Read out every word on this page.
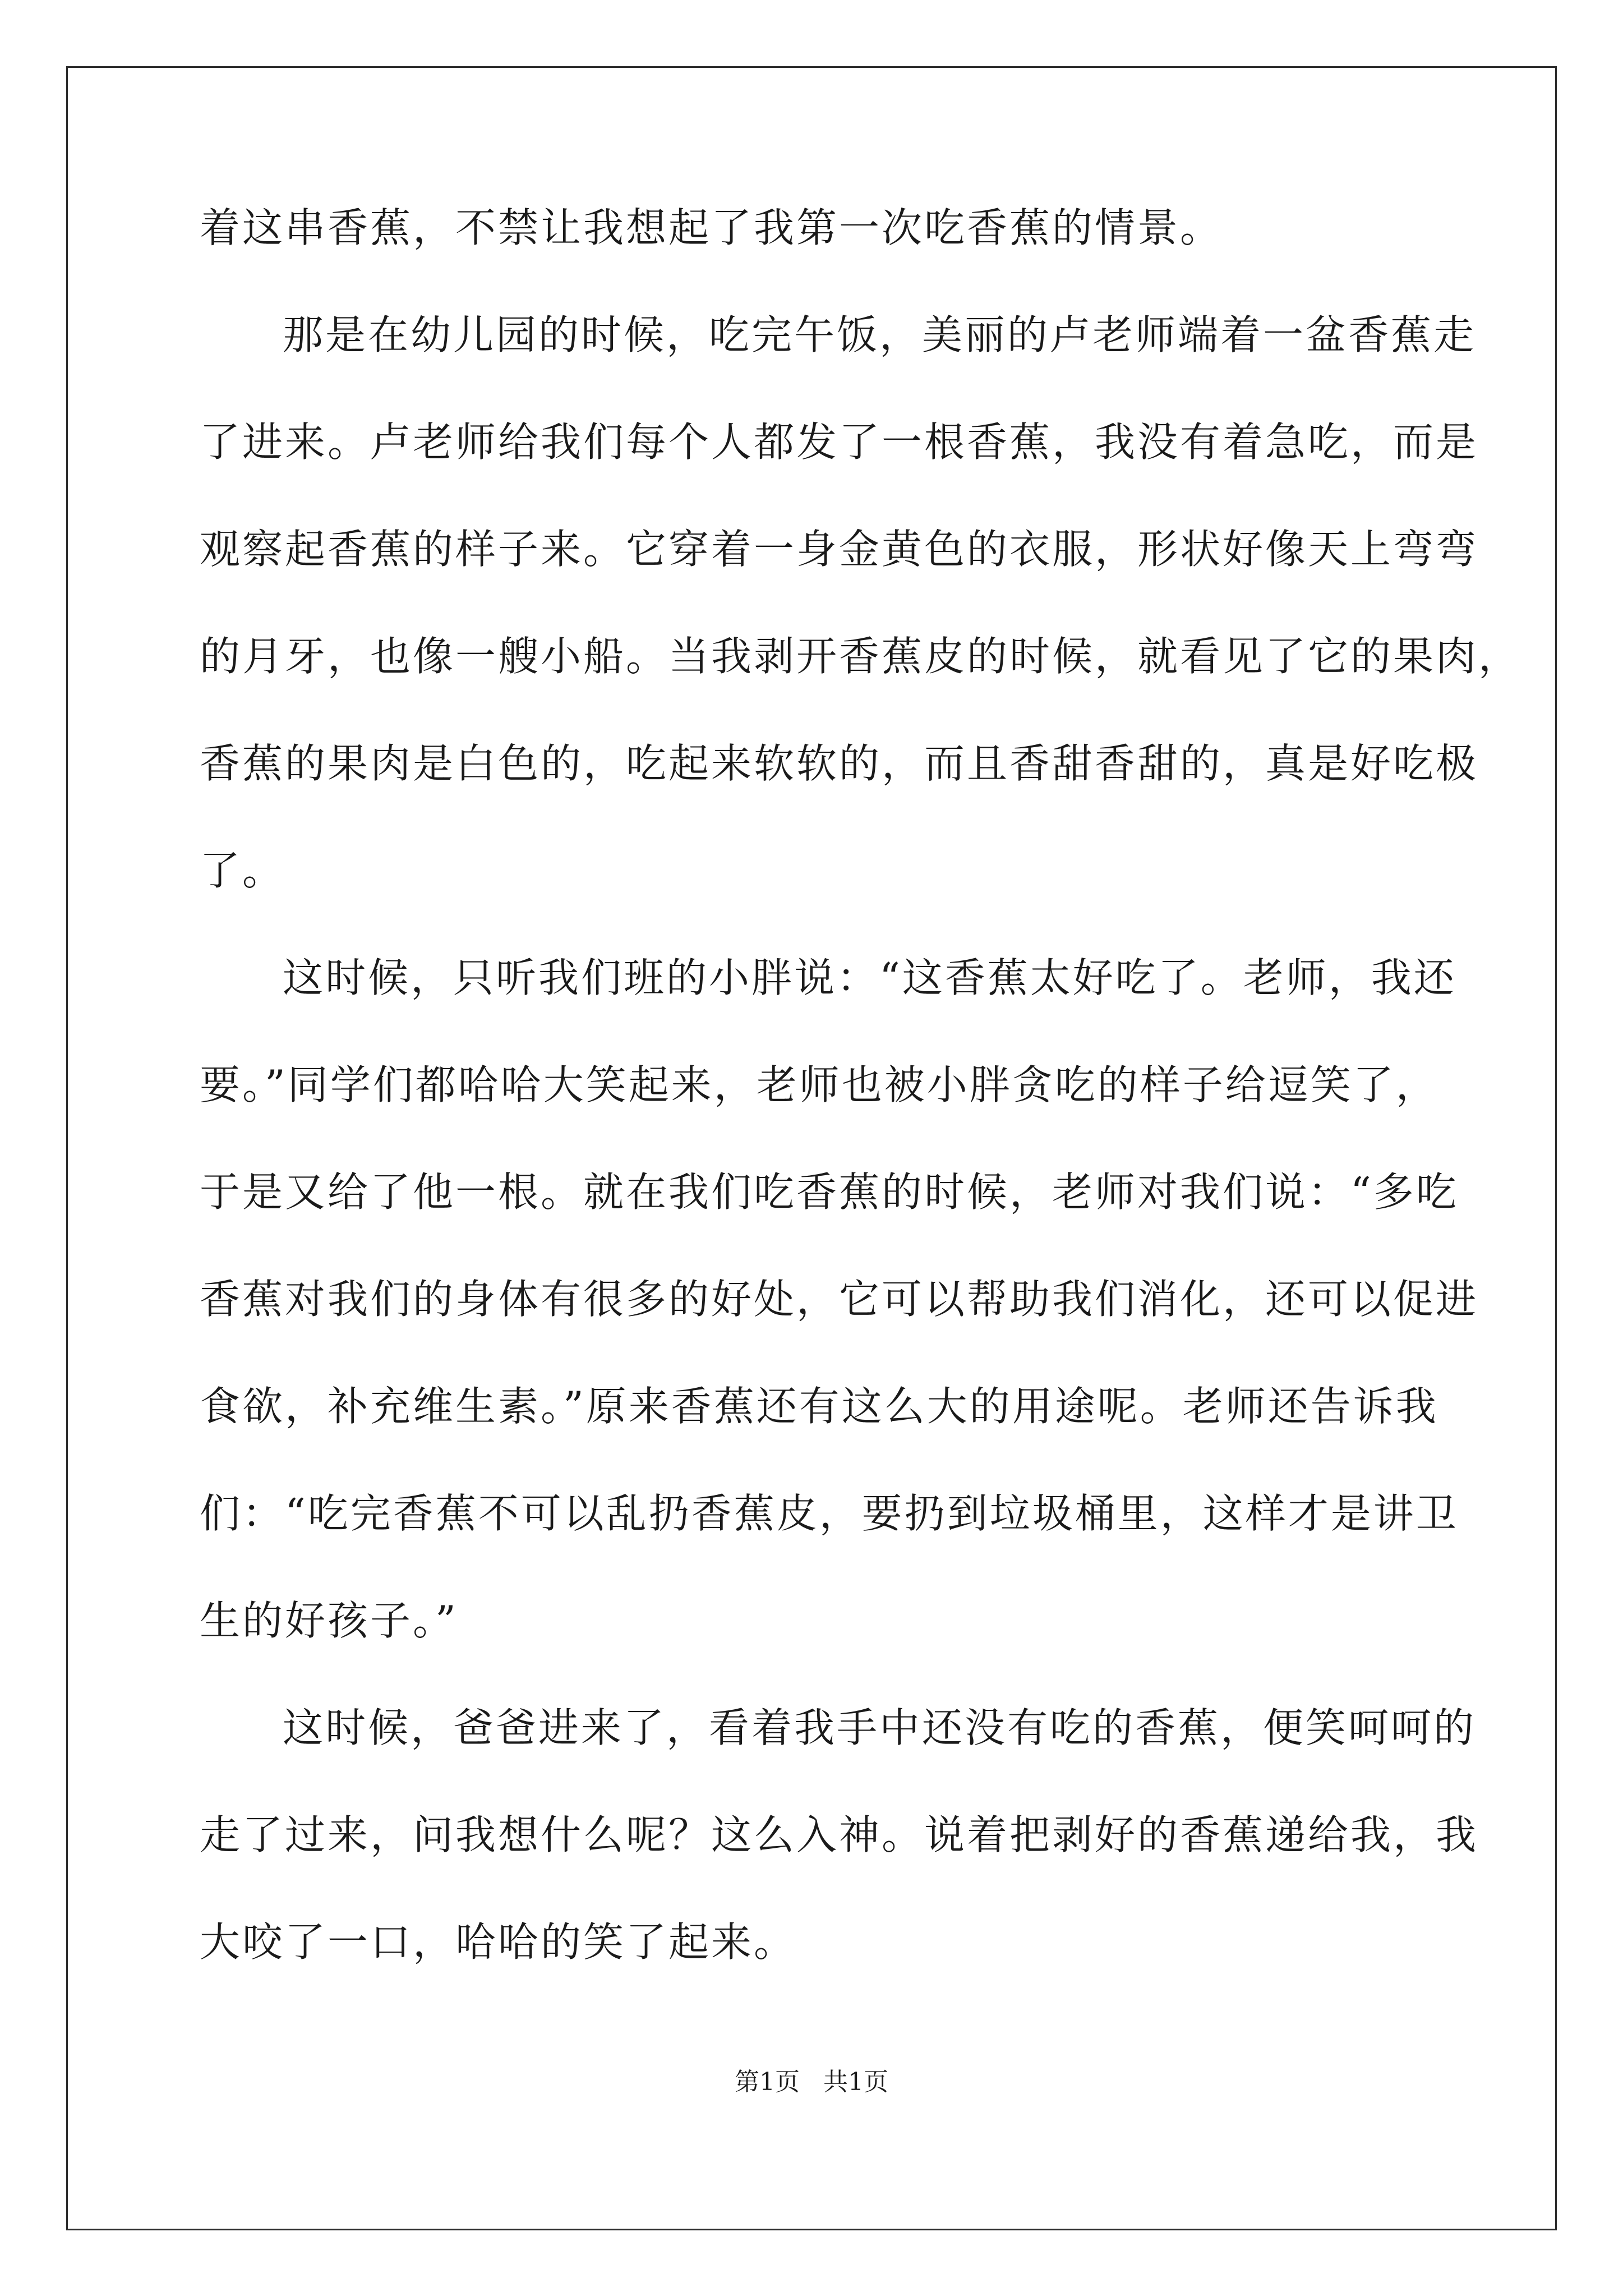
着这串香蕉，不禁让我想起了我第一次吃香蕉的情景。

那是在幼儿园的时候，吃完午饭，美丽的卢老师端着一盆香蕉走

了进来。卢老师给我们每个人都发了一根香蕉，我没有着急吃，而是

观察起香蕉的样子来。它穿着一身金黄色的衣服，形状好像天上弯弯

的月牙，也像一艘小船。当我剥开香蕉皮的时候，就看见了它的果肉，

香蕉的果肉是白色的，吃起来软软的，而且香甜香甜的，真是好吃极

了。

这时候，只听我们班的小胖说：“这香蕉太好吃了。老师，我还

要。”同学们都哈哈大笑起来，老师也被小胖贪吃的样子给逗笑了，

于是又给了他一根。就在我们吃香蕉的时候，老师对我们说：“多吃

香蕉对我们的身体有很多的好处，它可以帮助我们消化，还可以促进

食欲，补充维生素。”原来香蕉还有这么大的用途呢。老师还告诉我

们：“吃完香蕉不可以乱扔香蕉皮，要扔到垃圾桶里，这样才是讲卫

生的好孩子。”

这时候，爸爸进来了，看着我手中还没有吃的香蕉，便笑呵呵的

走了过来，问我想什么呢？这么入神。说着把剥好的香蕉递给我，我

大咬了一口，哈哈的笑了起来。

第1页   共1页
